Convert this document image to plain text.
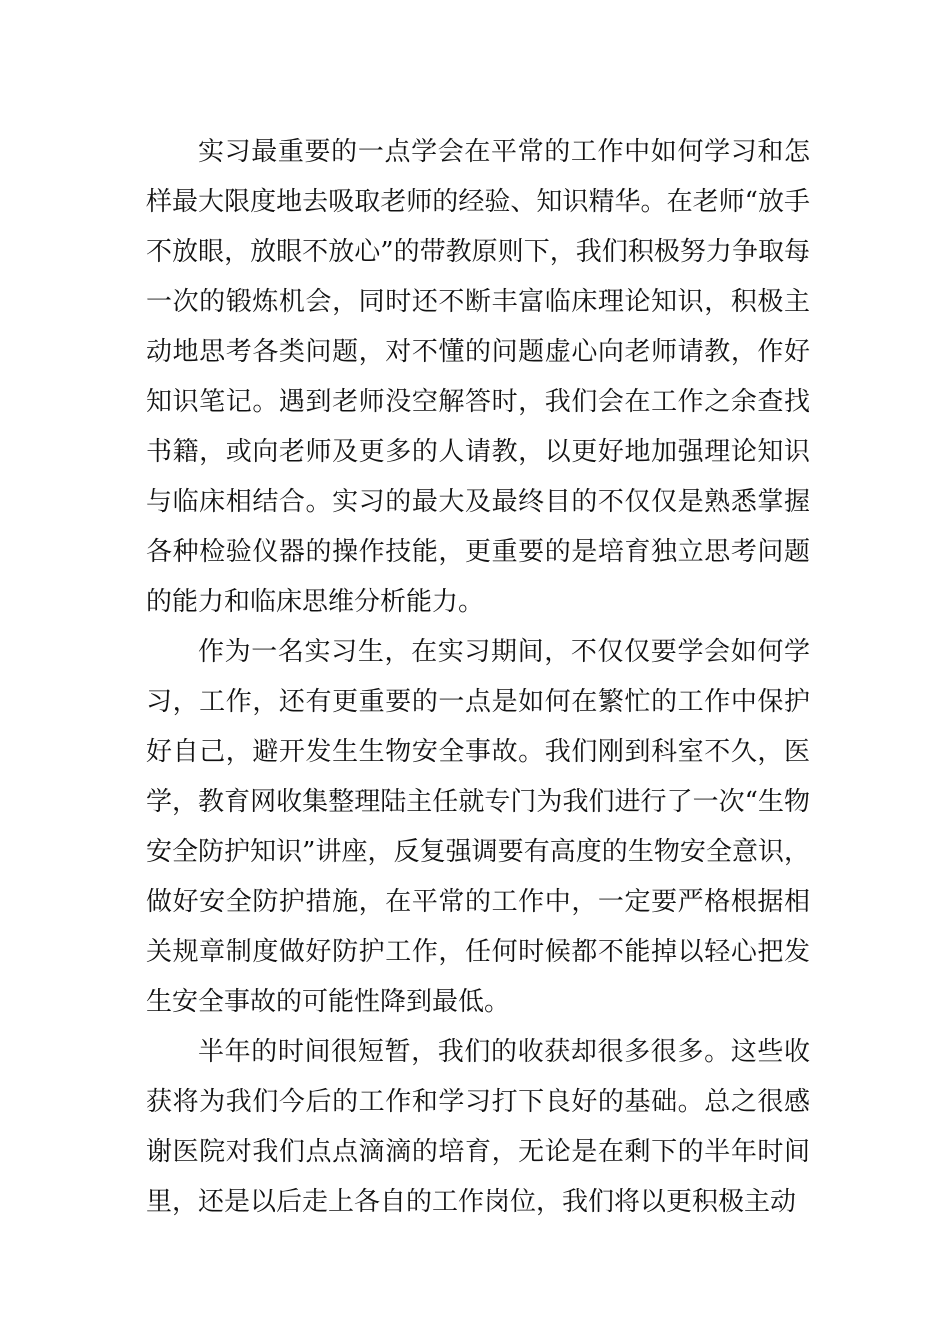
实习最重要的一点学会在平常的工作中如何学习和怎样最大限度地去吸取老师的经验、知识精华。在老师“放手不放眼，放眼不放心”的带教原则下，我们积极努力争取每一次的锻炼机会，同时还不断丰富临床理论知识，积极主动地思考各类问题，对不懂的问题虚心向老师请教，作好知识笔记。遇到老师没空解答时，我们会在工作之余查找书籍，或向老师及更多的人请教，以更好地加强理论知识与临床相结合。实习的最大及最终目的不仅仅是熟悉掌握各种检验仪器的操作技能，更重要的是培育独立思考问题的能力和临床思维分析能力。

作为一名实习生，在实习期间，不仅仅要学会如何学习，工作，还有更重要的一点是如何在繁忙的工作中保护好自己，避开发生生物安全事故。我们刚到科室不久，医学，教育网收集整理陆主任就专门为我们进行了一次“生物安全防护知识”讲座，反复强调要有高度的生物安全意识，做好安全防护措施，在平常的工作中，一定要严格根据相关规章制度做好防护工作，任何时候都不能掉以轻心把发生安全事故的可能性降到最低。

半年的时间很短暂，我们的收获却很多很多。这些收获将为我们今后的工作和学习打下良好的基础。总之很感谢医院对我们点点滴滴的培育，无论是在剩下的半年时间里，还是以后走上各自的工作岗位，我们将以更积极主动
